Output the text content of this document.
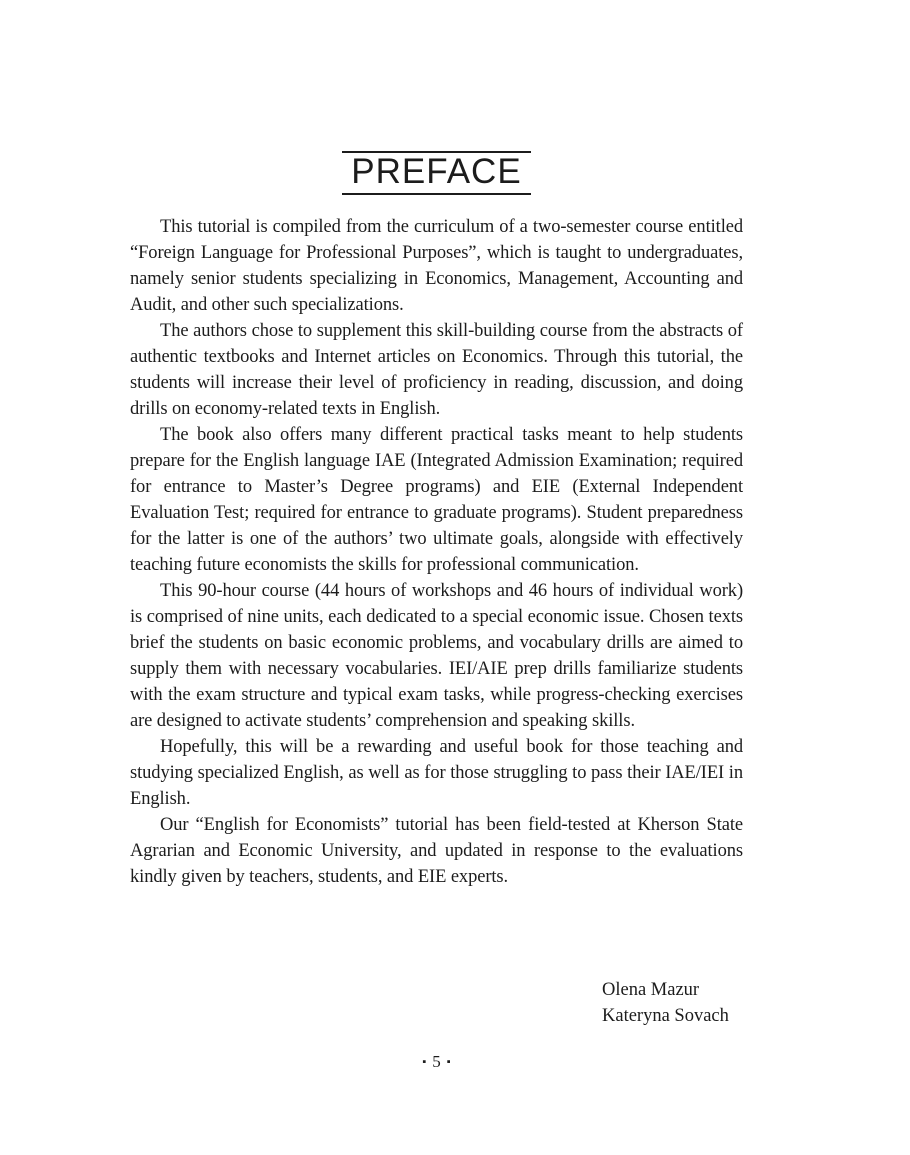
PREFACE

This tutorial is compiled from the curriculum of a two-semester course entitled “Foreign Language for Professional Purposes”, which is taught to undergraduates, namely senior students specializing in Economics, Management, Accounting and Audit, and other such specializations.

The authors chose to supplement this skill-building course from the abstracts of authentic textbooks and Internet articles on Economics. Through this tutorial, the students will increase their level of proficiency in reading, discussion, and doing drills on economy-related texts in English.

The book also offers many different practical tasks meant to help students prepare for the English language IAE (Integrated Admission Examination; required for entrance to Master’s Degree programs) and EIE (External Independent Evaluation Test; required for entrance to graduate programs). Student preparedness for the latter is one of the authors’ two ultimate goals, alongside with effectively teaching future economists the skills for professional communication.

This 90-hour course (44 hours of workshops and 46 hours of individual work) is comprised of nine units, each dedicated to a special economic issue. Chosen texts brief the students on basic economic problems, and vocabulary drills are aimed to supply them with necessary vocabularies. IEI/AIE prep drills familiarize students with the exam structure and typical exam tasks, while progress-checking exercises are designed to activate students’ comprehension and speaking skills.

Hopefully, this will be a rewarding and useful book for those teaching and studying specialized English, as well as for those struggling to pass their IAE/IEI in English.

Our “English for Economists” tutorial has been field-tested at Kherson State Agrarian and Economic University, and updated in response to the evaluations kindly given by teachers, students, and EIE experts.

Olena Mazur
Kateryna Sovach
▪ 5 ▪
